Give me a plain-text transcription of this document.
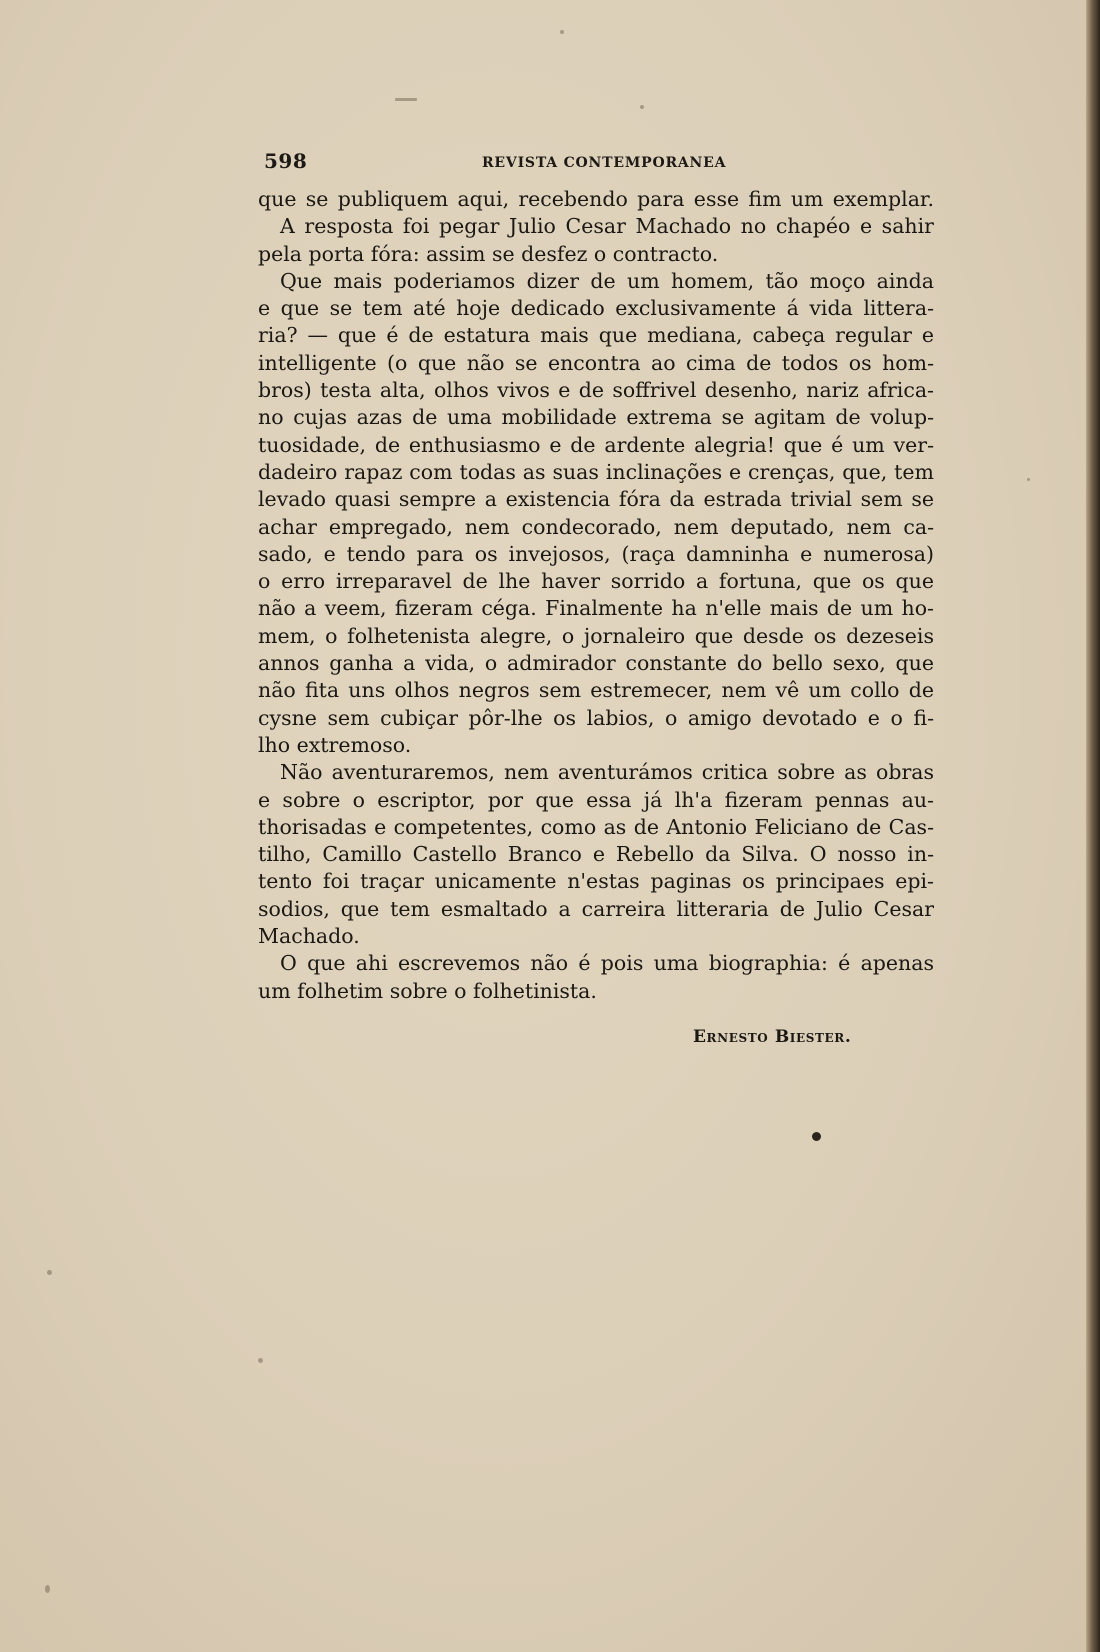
598	REVISTA CONTEMPORANEA
que se publiquem aqui, recebendo para esse fim um exemplar.
A resposta foi pegar Julio Cesar Machado no chapéo e sahir
pela porta fóra: assim se desfez o contracto.
Que mais poderiamos dizer de um homem, tão moço ainda
e que se tem até hoje dedicado exclusivamente á vida littera-
ria? — que é de estatura mais que mediana, cabeça regular e
intelligente (o que não se encontra ao cima de todos os hom-
bros) testa alta, olhos vivos e de soffrivel desenho, nariz africa-
no cujas azas de uma mobilidade extrema se agitam de volup-
tuosidade, de enthusiasmo e de ardente alegria! que é um ver-
dadeiro rapaz com todas as suas inclinações e crenças, que, tem
levado quasi sempre a existencia fóra da estrada trivial sem se
achar empregado, nem condecorado, nem deputado, nem ca-
sado, e tendo para os invejosos, (raça damninha e numerosa)
o erro irreparavel de lhe haver sorrido a fortuna, que os que
não a veem, fizeram céga. Finalmente ha n'elle mais de um ho-
mem, o folhetenista alegre, o jornaleiro que desde os dezeseis
annos ganha a vida, o admirador constante do bello sexo, que
não fita uns olhos negros sem estremecer, nem vê um collo de
cysne sem cubiçar pôr-lhe os labios, o amigo devotado e o fi-
lho extremoso.
Não aventuraremos, nem aventurámos critica sobre as obras
e sobre o escriptor, por que essa já lh'a fizeram pennas au-
thorisadas e competentes, como as de Antonio Feliciano de Cas-
tilho, Camillo Castello Branco e Rebello da Silva. O nosso in-
tento foi traçar unicamente n'estas paginas os principaes epi-
sodios, que tem esmaltado a carreira litteraria de Julio Cesar
Machado.
O que ahi escrevemos não é pois uma biographia: é apenas
um folhetim sobre o folhetinista.
Ernesto Biester.
